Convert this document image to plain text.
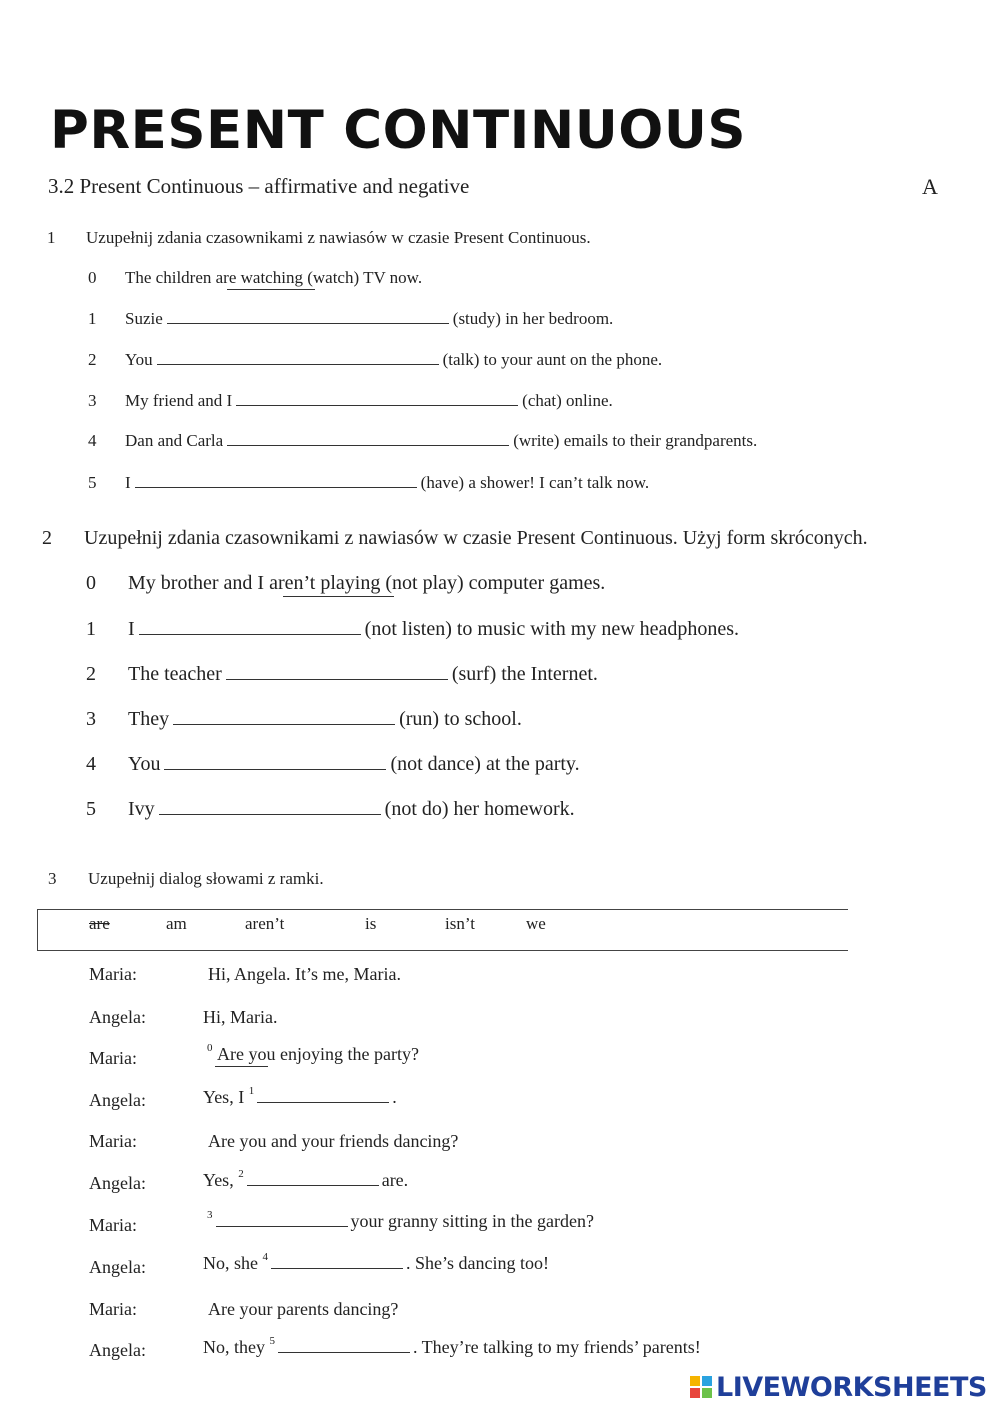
PRESENT CONTINUOUS
3.2 Present Continuous – affirmative and negative	A
1 Uzupełnij zdania czasownikami z nawiasów w czasie Present Continuous.
0 The children are watching (watch) TV now.
1 Suzie	(study) in her bedroom.
2 You	(talk) to your aunt on the phone.
3 My friend and I	(chat) online.
4 Dan and Carla	(write) emails to their grandparents.
5 I	(have) a shower! I can’t talk now.
2 Uzupełnij zdania czasownikami z nawiasów w czasie Present Continuous. Użyj form skróconych.
0 My brother and I aren’t playing (not play) computer games.
1 I	(not listen) to music with my new headphones.
2 The teacher	(surf) the Internet.
3 They	(run) to school.
4 You	(not dance) at the party.
5 Ivy	(not do) her homework.
3 Uzupełnij dialog słowami z ramki.
are	am	aren’t	is	isn’t	we
Maria:	Hi, Angela. It’s me, Maria.
Angela:	Hi, Maria.
Maria:	$^0$ Are you enjoying the party?
Angela:	Yes, I $^1$	.
Maria:	Are you and your friends dancing?
Angela:	Yes, $^2$	are.
Maria:	$^3$	your granny sitting in the garden?
Angela:	No, she $^4$	. She’s dancing too!
Maria:	Are your parents dancing?
Angela:	No, they $^5$	. They’re talking to my friends’ parents!
LIVEWORKSHEETS
